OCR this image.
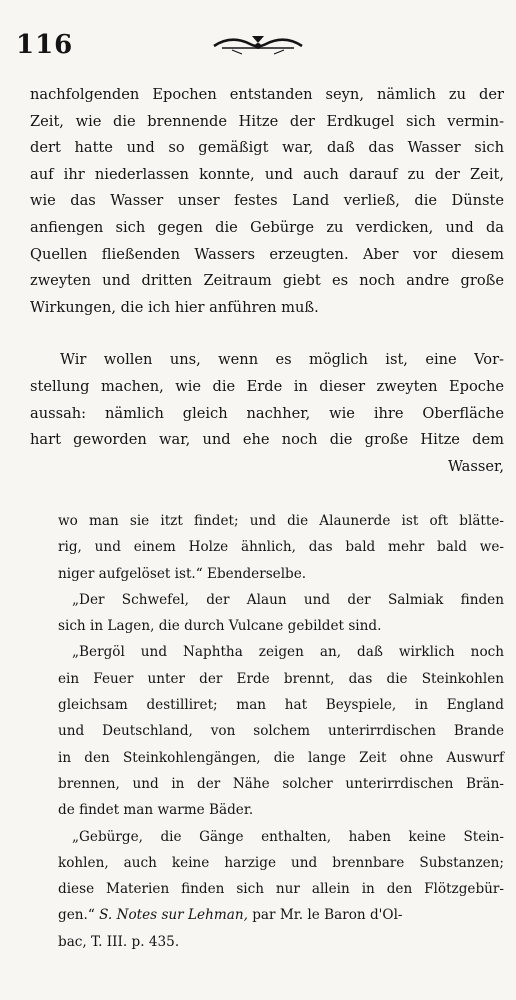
116
nachfolgenden Epochen entstanden seyn, nämlich zu der
Zeit, wie die brennende Hitze der Erdkugel sich vermin-
dert hatte und so gemäßigt war, daß das Wasser sich
auf ihr niederlassen konnte, und auch darauf zu der Zeit,
wie das Wasser unser festes Land verließ, die Dünste
anfiengen sich gegen die Gebürge zu verdicken, und da
Quellen fließenden Wassers erzeugten. Aber vor diesem
zweyten und dritten Zeitraum giebt es noch andre große
Wirkungen, die ich hier anführen muß.
Wir wollen uns, wenn es möglich ist, eine Vor-
stellung machen, wie die Erde in dieser zweyten Epoche
aussah: nämlich gleich nachher, wie ihre Oberfläche
hart geworden war, und ehe noch die große Hitze dem
Wasser,
wo man sie itzt findet; und die Alaunerde ist oft blätte-
rig, und einem Holze ähnlich, das bald mehr bald we-
niger aufgelöset ist.“ Ebenderselbe.
„Der Schwefel, der Alaun und der Salmiak finden
sich in Lagen, die durch Vulcane gebildet sind.
„Bergöl und Naphtha zeigen an, daß wirklich noch
ein Feuer unter der Erde brennt, das die Steinkohlen
gleichsam destilliret; man hat Beyspiele, in England
und Deutschland, von solchem unterirrdischen Brande
in den Steinkohlengängen, die lange Zeit ohne Auswurf
brennen, und in der Nähe solcher unterirrdischen Brän-
de findet man warme Bäder.
„Gebürge, die Gänge enthalten, haben keine Stein-
kohlen, auch keine harzige und brennbare Substanzen;
diese Materien finden sich nur allein in den Flötzgebür-
gen.“ S. Notes sur Lehman, par Mr. le Baron d'Ol-
bac, T. III. p. 435.
